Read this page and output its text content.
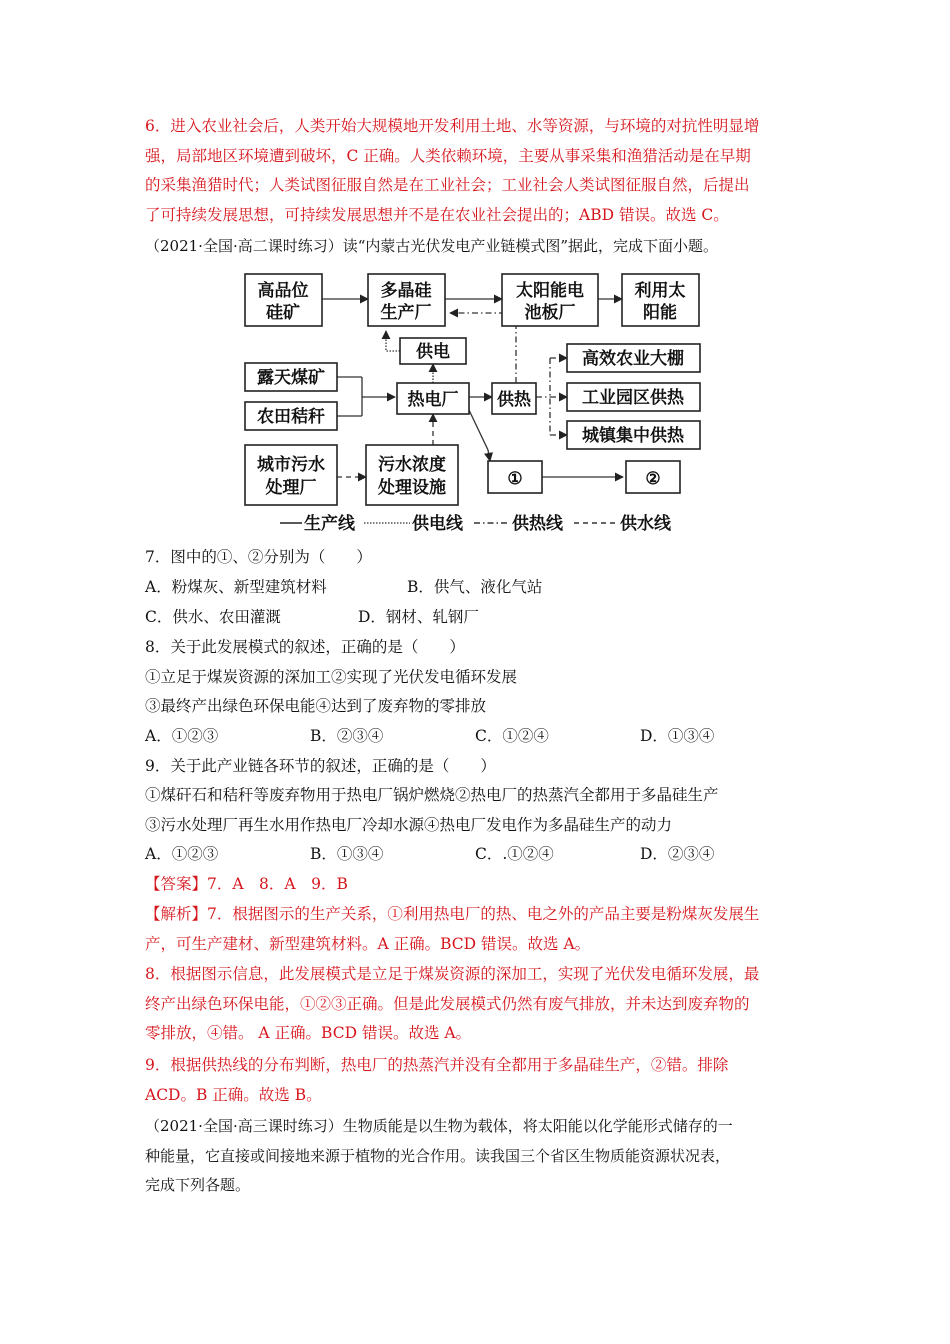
6．进入农业社会后，人类开始大规模地开发利用土地、水等资源，与环境的对抗性明显增
强，局部地区环境遭到破坏，C 正确。人类依赖环境，主要从事采集和渔猎活动是在早期
的采集渔猎时代；人类试图征服自然是在工业社会；工业社会人类试图征服自然，后提出
了可持续发展思想，可持续发展思想并不是在农业社会提出的；ABD 错误。故选 C。
（2021·全国·高二课时练习）读“内蒙古光伏发电产业链模式图”据此，完成下面小题。
高品位
硅矿
多晶硅
生产厂
太阳能电
池板厂
利用太
阳能
供电
露天煤矿
农田秸秆
热电厂 供热
高效农业大棚
工业园区供热
城镇集中供热
城市污水
处理厂
污水浓度
处理设施	①	②
生产线	供电线	供热线	供水线
7．图中的①、②分别为（　　）
A．粉煤灰、新型建筑材料	B．供气、液化气站
C．供水、农田灌溉	D．钢材、轧钢厂
8．关于此发展模式的叙述，正确的是（　　）
①立足于煤炭资源的深加工②实现了光伏发电循环发展
③最终产出绿色环保电能④达到了废弃物的零排放
A．①②③	B．②③④	C．①②④	D．①③④
9．关于此产业链各环节的叙述，正确的是（　　）
①煤矸石和秸秆等废弃物用于热电厂锅炉燃烧②热电厂的热蒸汽全都用于多晶硅生产
③污水处理厂再生水用作热电厂冷却水源④热电厂发电作为多晶硅生产的动力
A．①②③	B．①③④	C．.①②④	D．②③④
【答案】7．A　8．A　9．B
【解析】7．根据图示的生产关系，①利用热电厂的热、电之外的产品主要是粉煤灰发展生
产，可生产建材、新型建筑材料。A 正确。BCD 错误。故选 A。
8．根据图示信息，此发展模式是立足于煤炭资源的深加工，实现了光伏发电循环发展，最
终产出绿色环保电能，①②③正确。但是此发展模式仍然有废气排放，并未达到废弃物的
零排放，④错。 A 正确。BCD 错误。故选 A。
9．根据供热线的分布判断，热电厂的热蒸汽并没有全都用于多晶硅生产，②错。排除
ACD。B 正确。故选 B。
（2021·全国·高三课时练习）生物质能是以生物为载体，将太阳能以化学能形式储存的一
种能量，它直接或间接地来源于植物的光合作用。读我国三个省区生物质能资源状况表，
完成下列各题。
